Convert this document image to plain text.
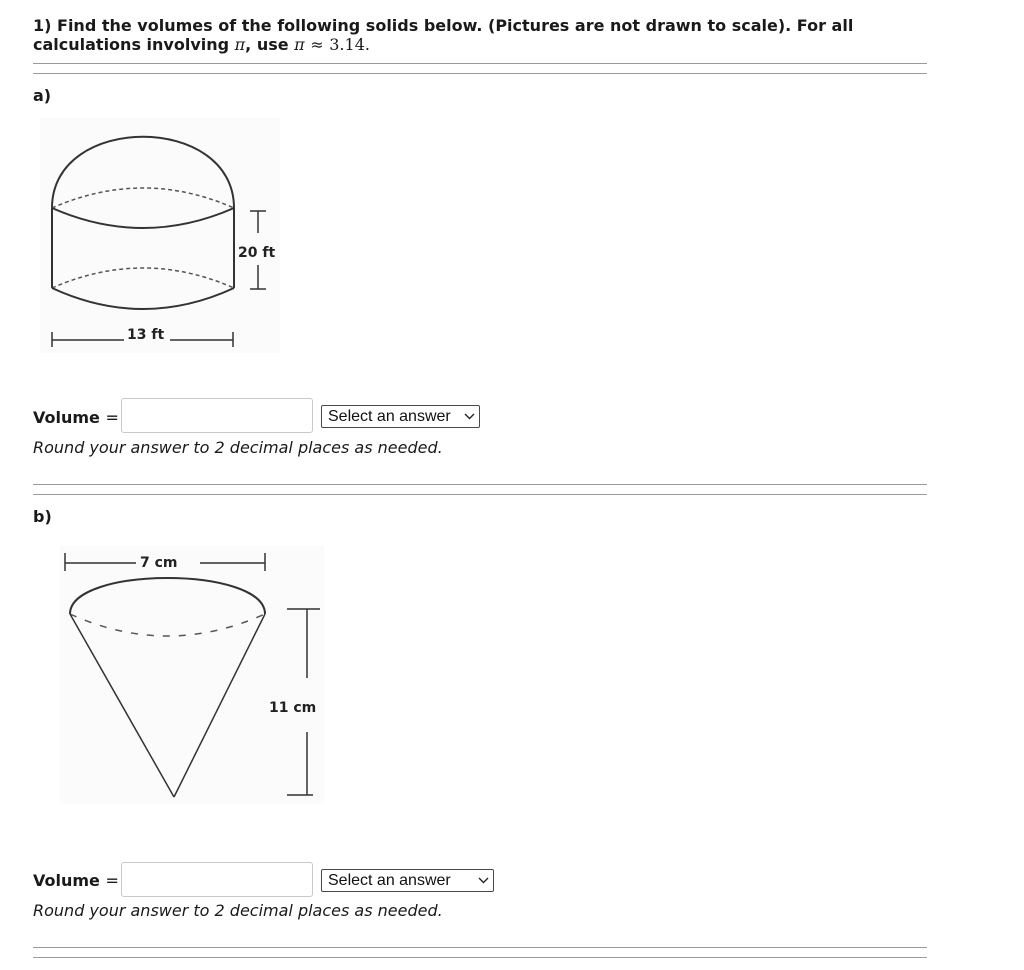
1) Find the volumes of the following solids below. (Pictures are not drawn to scale). For all calculations involving π, use π ≈ 3.14.
a)
20 ft
13 ft
Volume =	Select an answer
Round your answer to 2 decimal places as needed.
b)
7 cm
11 cm
Volume =	Select an answer
Round your answer to 2 decimal places as needed.
